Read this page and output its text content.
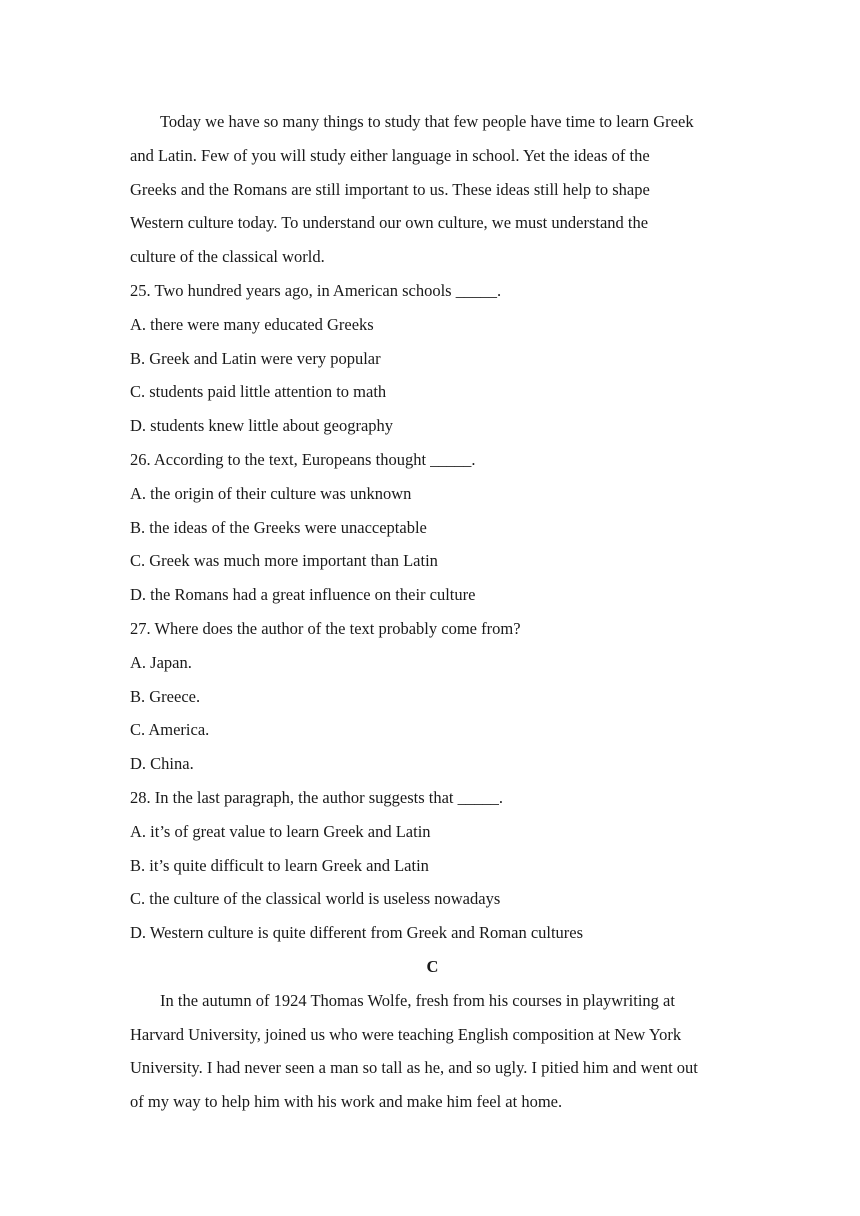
Today we have so many things to study that few people have time to learn Greek
and Latin. Few of you will study either language in school. Yet the ideas of the
Greeks and the Romans are still important to us. These ideas still help to shape
Western culture today. To understand our own culture, we must understand the
culture of the classical world.
25. Two hundred years ago, in American schools _____.
A. there were many educated Greeks
B. Greek and Latin were very popular
C. students paid little attention to math
D. students knew little about geography
26. According to the text, Europeans thought _____.
A. the origin of their culture was unknown
B. the ideas of the Greeks were unacceptable
C. Greek was much more important than Latin
D. the Romans had a great influence on their culture
27. Where does the author of the text probably come from?
A. Japan.
B. Greece.
C. America.
D. China.
28. In the last paragraph, the author suggests that _____.
A. it’s of great value to learn Greek and Latin
B. it’s quite difficult to learn Greek and Latin
C. the culture of the classical world is useless nowadays
D. Western culture is quite different from Greek and Roman cultures
C
In the autumn of 1924 Thomas Wolfe, fresh from his courses in playwriting at
Harvard University, joined us who were teaching English composition at New York
University. I had never seen a man so tall as he, and so ugly. I pitied him and went out
of my way to help him with his work and make him feel at home.
